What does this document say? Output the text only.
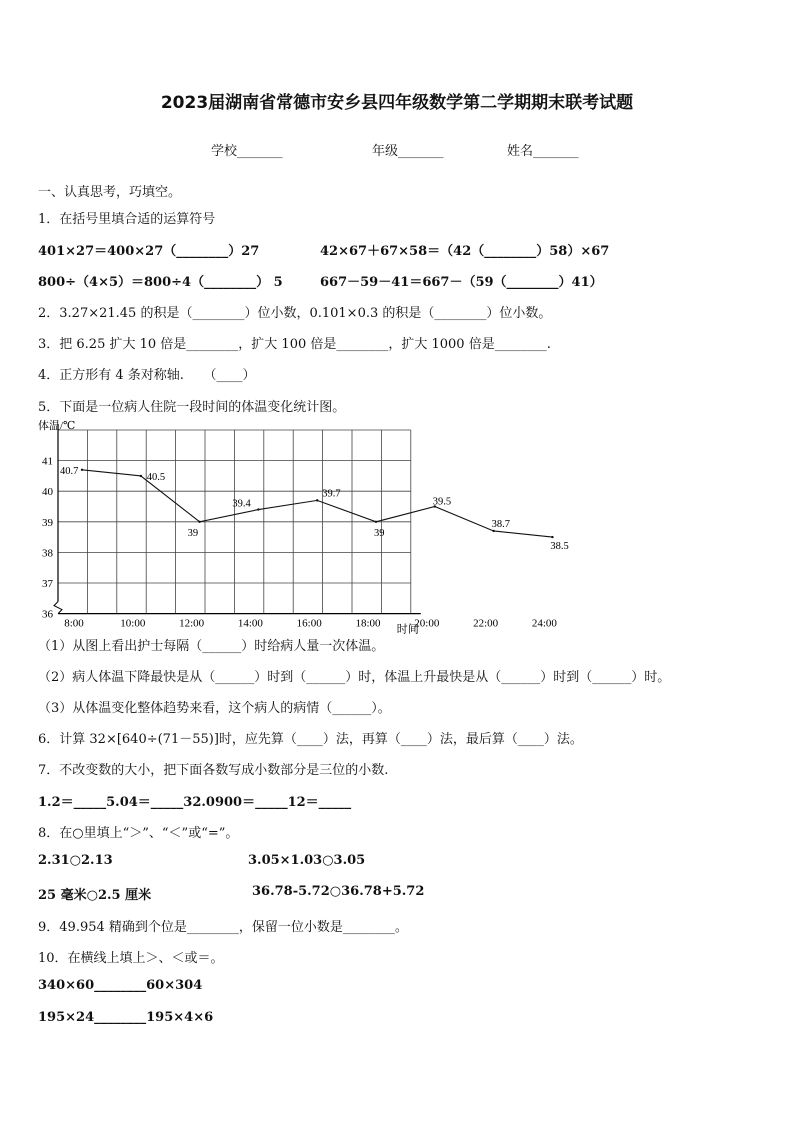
2023届湖南省常德市安乡县四年级数学第二学期期末联考试题
学校_______	年级_______	姓名_______
一、认真思考，巧填空。
1．在括号里填合适的运算符号
401×27＝400×27（________）27	42×67＋67×58＝（42（________）58）×67
800÷（4×5）＝800÷4（________） 5	667－59－41＝667－（59（________）41）
2．3.27×21.45 的积是（________）位小数，0.101×0.3 的积是（________）位小数。
3．把 6.25 扩大 10 倍是________，扩大 100 倍是________，扩大 1000 倍是________.
4．正方形有 4 条对称轴.　　（____）
5．下面是一位病人住院一段时间的体温变化统计图。
36
37
38
39
40
41
8:00	10:00	12:00	14:00	16:00	18:00	20:00	22:00	24:00
体温/℃
时间
40.7
40.5
39
39.4
39.7
39
39.5
38.7
38.5
（1）从图上看出护士每隔（______）时给病人量一次体温。
（2）病人体温下降最快是从（______）时到（______）时，体温上升最快是从（______）时到（______）时。
（3）从体温变化整体趋势来看，这个病人的病情（______）。
6．计算 32×[640÷(71－55)]时，应先算（____）法，再算（____）法，最后算（____）法。
7．不改变数的大小，把下面各数写成小数部分是三位的小数.
1.2＝_____5.04＝_____32.0900＝_____12＝_____
8．在○里填上“＞”、“＜”或“=”。
2.31○2.13	3.05×1.03○3.05
25 毫米○2.5 厘米	36.78-5.72○36.78+5.72
9．49.954 精确到个位是________，保留一位小数是________。
10．在横线上填上＞、＜或＝。
340×60________60×304
195×24________195×4×6
